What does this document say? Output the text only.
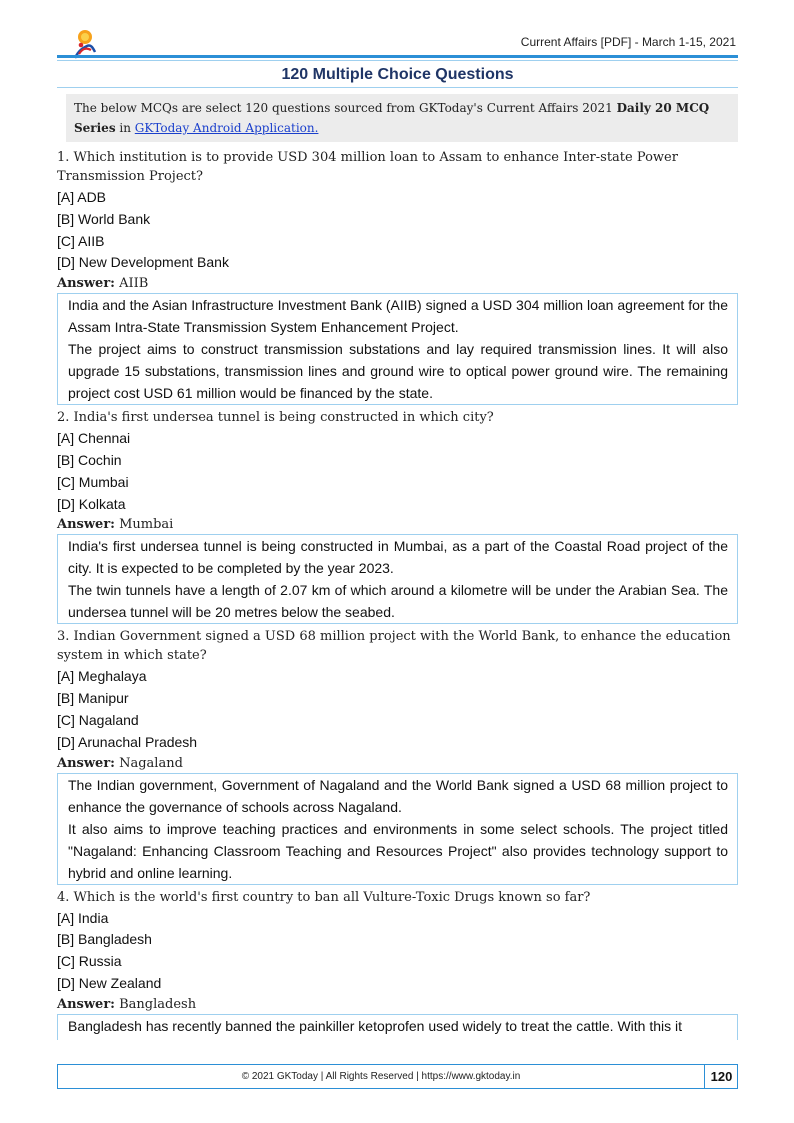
Current Affairs [PDF] - March 1-15, 2021
120 Multiple Choice Questions
The below MCQs are select 120 questions sourced from GKToday's Current Affairs 2021 Daily 20 MCQ Series in GKToday Android Application.
1. Which institution is to provide USD 304 million loan to Assam to enhance Inter-state Power Transmission Project?
[A] ADB
[B] World Bank
[C] AIIB
[D] New Development Bank
Answer: AIIB
India and the Asian Infrastructure Investment Bank (AIIB) signed a USD 304 million loan agreement for the Assam Intra-State Transmission System Enhancement Project.
The project aims to construct transmission substations and lay required transmission lines. It will also upgrade 15 substations, transmission lines and ground wire to optical power ground wire. The remaining project cost USD 61 million would be financed by the state.
2. India's first undersea tunnel is being constructed in which city?
[A] Chennai
[B] Cochin
[C] Mumbai
[D] Kolkata
Answer: Mumbai
India's first undersea tunnel is being constructed in Mumbai, as a part of the Coastal Road project of the city. It is expected to be completed by the year 2023.
The twin tunnels have a length of 2.07 km of which around a kilometre will be under the Arabian Sea. The undersea tunnel will be 20 metres below the seabed.
3. Indian Government signed a USD 68 million project with the World Bank, to enhance the education system in which state?
[A] Meghalaya
[B] Manipur
[C] Nagaland
[D] Arunachal Pradesh
Answer: Nagaland
The Indian government, Government of Nagaland and the World Bank signed a USD 68 million project to enhance the governance of schools across Nagaland.
It also aims to improve teaching practices and environments in some select schools. The project titled "Nagaland: Enhancing Classroom Teaching and Resources Project" also provides technology support to hybrid and online learning.
4. Which is the world's first country to ban all Vulture-Toxic Drugs known so far?
[A] India
[B] Bangladesh
[C] Russia
[D] New Zealand
Answer: Bangladesh
Bangladesh has recently banned the painkiller ketoprofen used widely to treat the cattle. With this it
© 2021 GKToday | All Rights Reserved | https://www.gktoday.in	120
